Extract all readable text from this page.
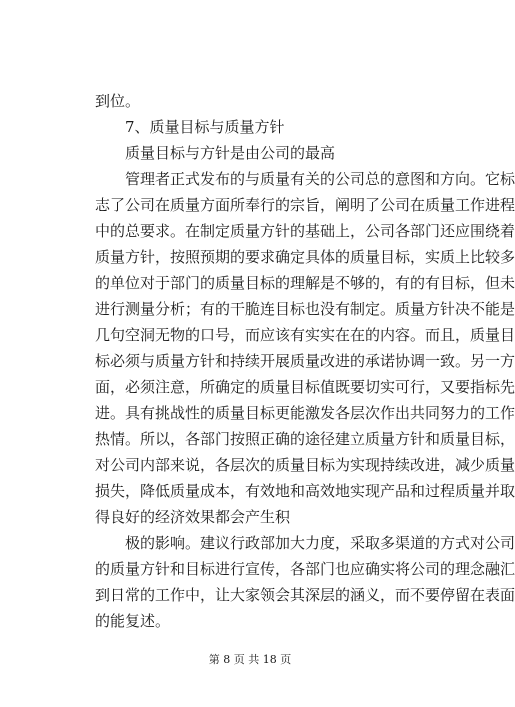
到位。
7、质量目标与质量方针
质量目标与方针是由公司的最高
管理者正式发布的与质量有关的公司总的意图和方向。它标
志了公司在质量方面所奉行的宗旨，阐明了公司在质量工作进程
中的总要求。在制定质量方针的基础上，公司各部门还应围绕着
质量方针，按照预期的要求确定具体的质量目标，实质上比较多
的单位对于部门的质量目标的理解是不够的，有的有目标，但未
进行测量分析；有的干脆连目标也没有制定。质量方针决不能是
几句空洞无物的口号，而应该有实实在在的内容。而且，质量目
标必须与质量方针和持续开展质量改进的承诺协调一致。另一方
面，必须注意，所确定的质量目标值既要切实可行，又要指标先
进。具有挑战性的质量目标更能激发各层次作出共同努力的工作
热情。所以，各部门按照正确的途径建立质量方针和质量目标，
对公司内部来说，各层次的质量目标为实现持续改进，减少质量
损失，降低质量成本，有效地和高效地实现产品和过程质量并取
得良好的经济效果都会产生积
极的影响。建议行政部加大力度，采取多渠道的方式对公司
的质量方针和目标进行宣传，各部门也应确实将公司的理念融汇
到日常的工作中，让大家领会其深层的涵义，而不要停留在表面
的能复述。
第 8 页 共 18 页
